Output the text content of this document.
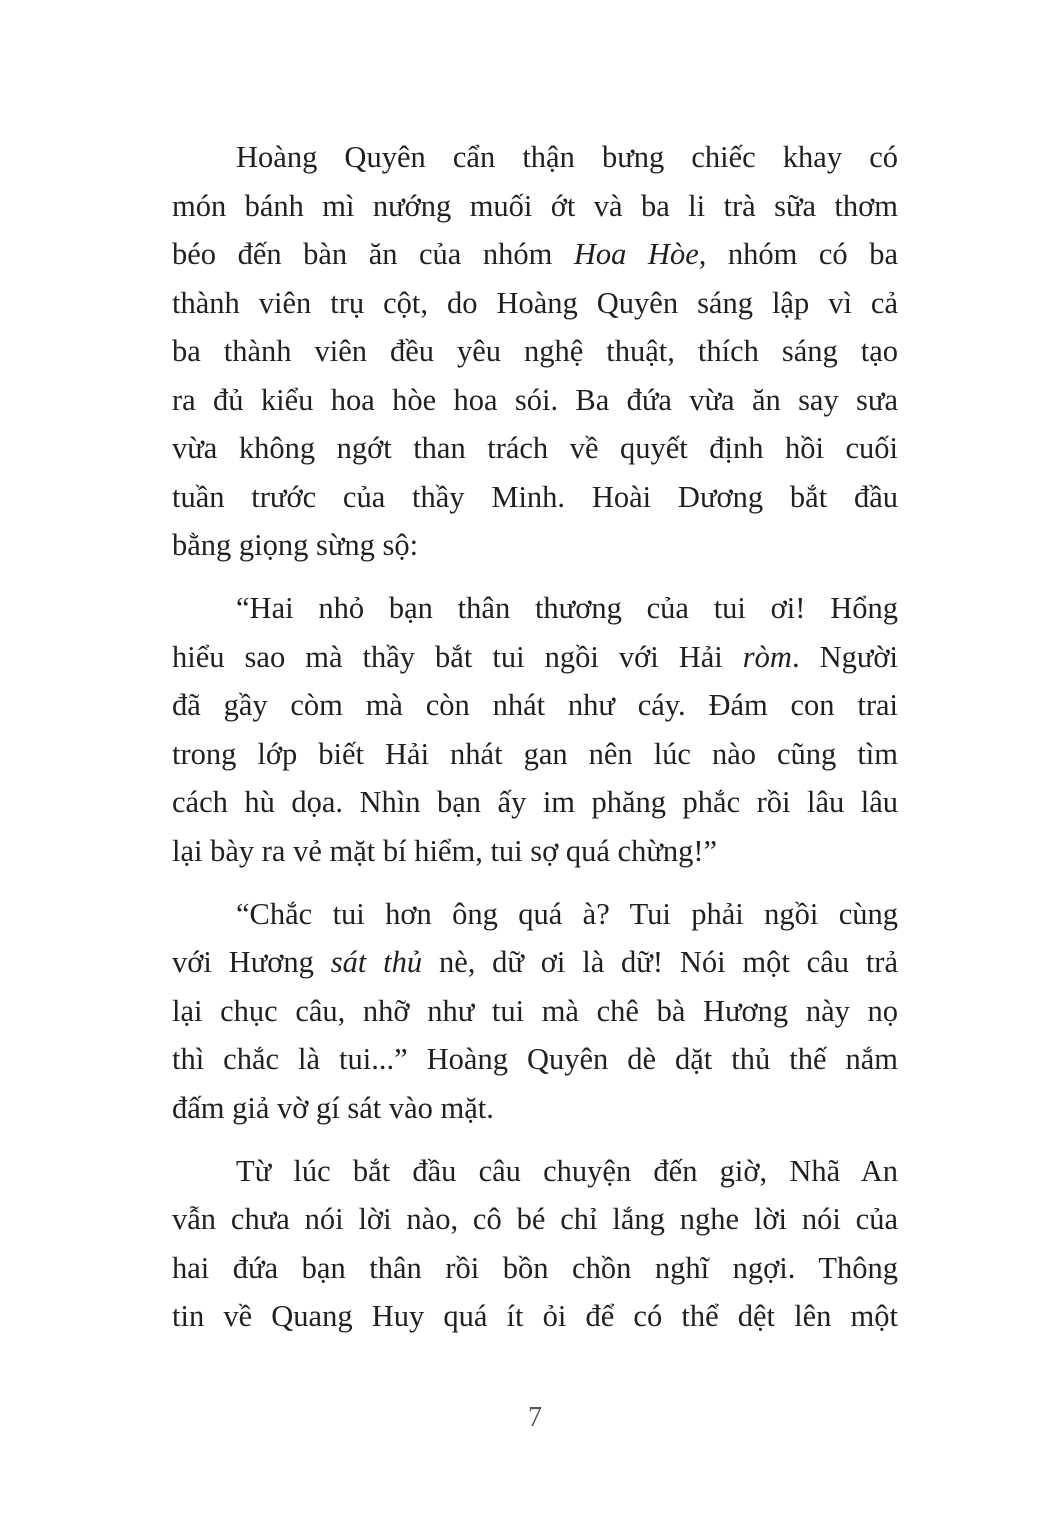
Hoàng Quyên cẩn thận bưng chiếc khay có
món bánh mì nướng muối ớt và ba li trà sữa thơm
béo đến bàn ăn của nhóm Hoa Hòe, nhóm có ba
thành viên trụ cột, do Hoàng Quyên sáng lập vì cả
ba thành viên đều yêu nghệ thuật, thích sáng tạo
ra đủ kiểu hoa hòe hoa sói. Ba đứa vừa ăn say sưa
vừa không ngớt than trách về quyết định hồi cuối
tuần trước của thầy Minh. Hoài Dương bắt đầu
bằng giọng sừng sộ:
“Hai nhỏ bạn thân thương của tui ơi! Hổng
hiểu sao mà thầy bắt tui ngồi với Hải ròm. Người
đã gầy còm mà còn nhát như cáy. Đám con trai
trong lớp biết Hải nhát gan nên lúc nào cũng tìm
cách hù dọa. Nhìn bạn ấy im phăng phắc rồi lâu lâu
lại bày ra vẻ mặt bí hiểm, tui sợ quá chừng!”
“Chắc tui hơn ông quá à? Tui phải ngồi cùng
với Hương sát thủ nè, dữ ơi là dữ! Nói một câu trả
lại chục câu, nhỡ như tui mà chê bà Hương này nọ
thì chắc là tui...” Hoàng Quyên dè dặt thủ thế nắm
đấm giả vờ gí sát vào mặt.
Từ lúc bắt đầu câu chuyện đến giờ, Nhã An
vẫn chưa nói lời nào, cô bé chỉ lắng nghe lời nói của
hai đứa bạn thân rồi bồn chồn nghĩ ngợi. Thông
tin về Quang Huy quá ít ỏi để có thể dệt lên một
7
